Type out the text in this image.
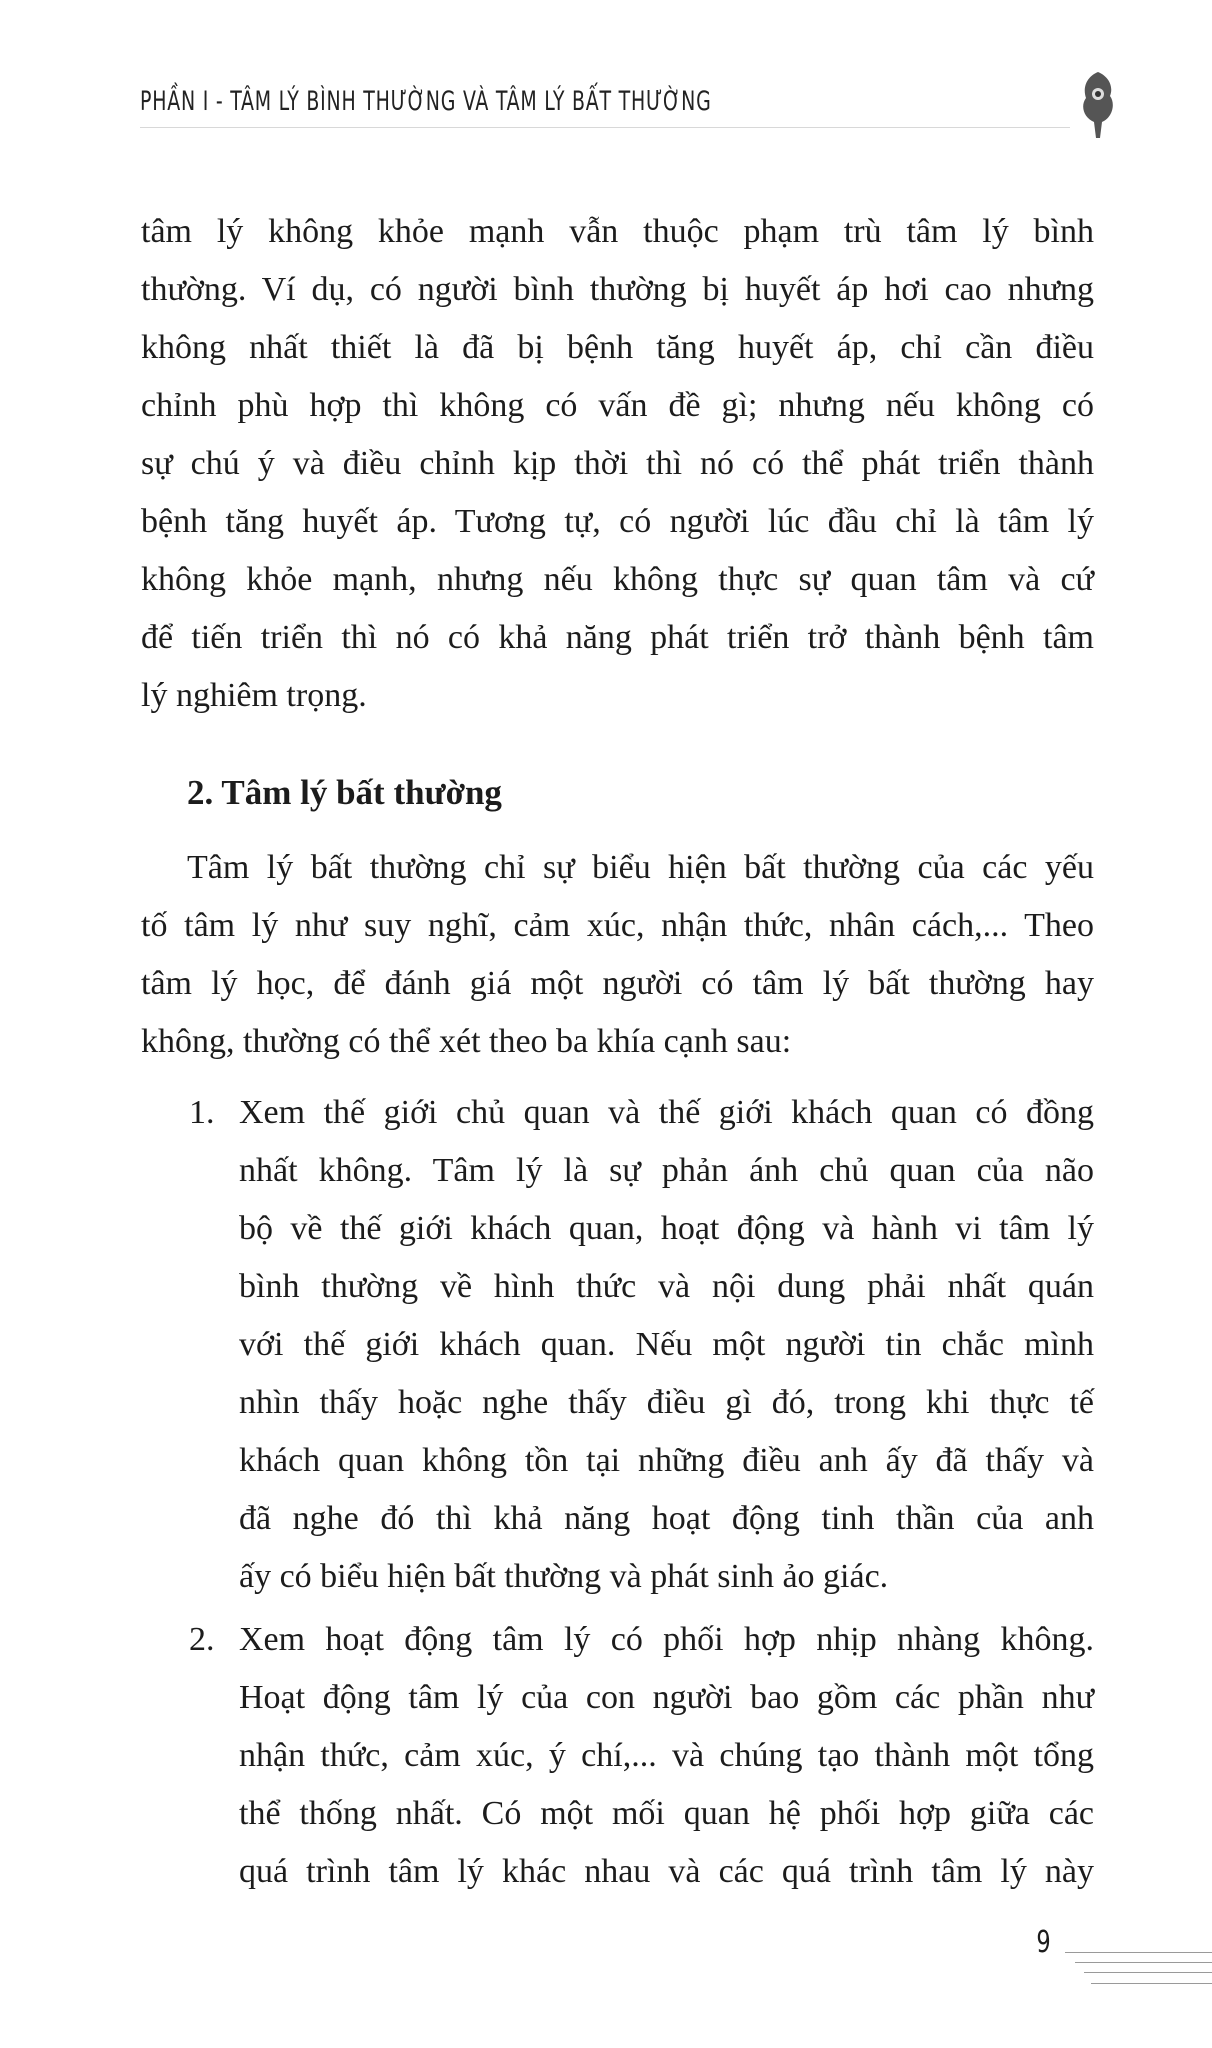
PHẦN I - TÂM LÝ BÌNH THƯỜNG VÀ TÂM LÝ BẤT THƯỜNG
tâm lý không khỏe mạnh vẫn thuộc phạm trù tâm lý bình
thường. Ví dụ, có người bình thường bị huyết áp hơi cao nhưng
không nhất thiết là đã bị bệnh tăng huyết áp, chỉ cần điều
chỉnh phù hợp thì không có vấn đề gì; nhưng nếu không có
sự chú ý và điều chỉnh kịp thời thì nó có thể phát triển thành
bệnh tăng huyết áp. Tương tự, có người lúc đầu chỉ là tâm lý
không khỏe mạnh, nhưng nếu không thực sự quan tâm và cứ
để tiến triển thì nó có khả năng phát triển trở thành bệnh tâm
lý nghiêm trọng.
2. Tâm lý bất thường
Tâm lý bất thường chỉ sự biểu hiện bất thường của các yếu
tố tâm lý như suy nghĩ, cảm xúc, nhận thức, nhân cách,... Theo
tâm lý học, để đánh giá một người có tâm lý bất thường hay
không, thường có thể xét theo ba khía cạnh sau:
1. Xem thế giới chủ quan và thế giới khách quan có đồng
nhất không. Tâm lý là sự phản ánh chủ quan của não
bộ về thế giới khách quan, hoạt động và hành vi tâm lý
bình thường về hình thức và nội dung phải nhất quán
với thế giới khách quan. Nếu một người tin chắc mình
nhìn thấy hoặc nghe thấy điều gì đó, trong khi thực tế
khách quan không tồn tại những điều anh ấy đã thấy và
đã nghe đó thì khả năng hoạt động tinh thần của anh
ấy có biểu hiện bất thường và phát sinh ảo giác.
2. Xem hoạt động tâm lý có phối hợp nhịp nhàng không.
Hoạt động tâm lý của con người bao gồm các phần như
nhận thức, cảm xúc, ý chí,... và chúng tạo thành một tổng
thể thống nhất. Có một mối quan hệ phối hợp giữa các
quá trình tâm lý khác nhau và các quá trình tâm lý này
9
